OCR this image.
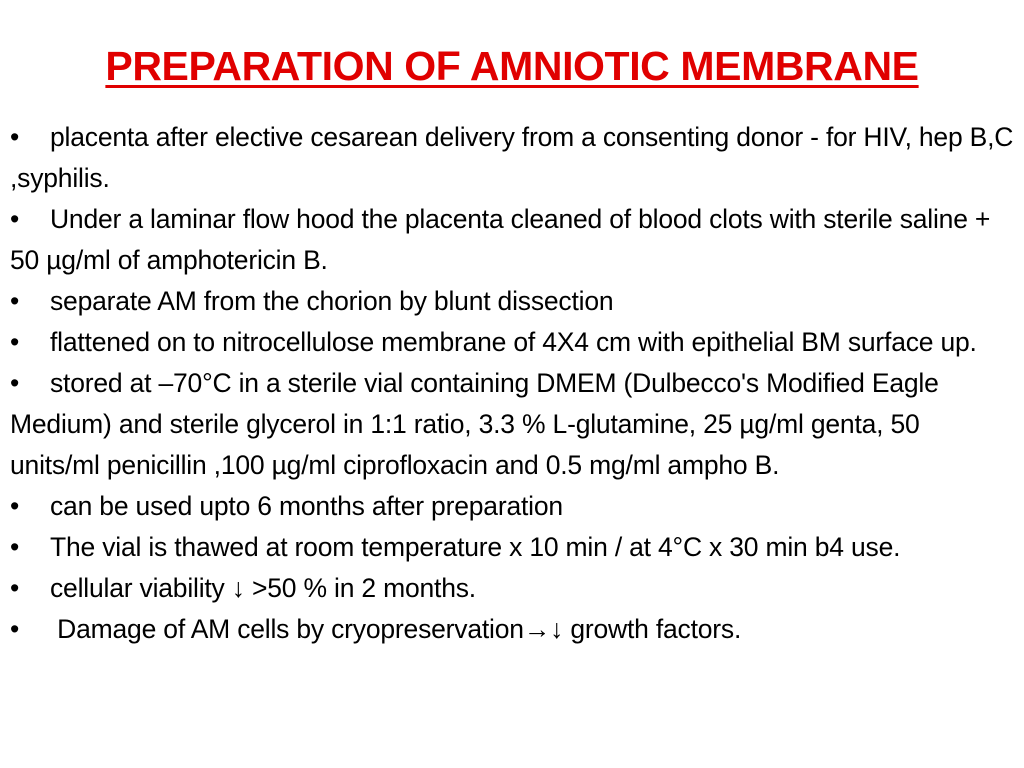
PREPARATION OF AMNIOTIC MEMBRANE
• placenta after elective cesarean delivery from a consenting donor - for HIV, hep B,C ,syphilis.
• Under a laminar flow hood the placenta cleaned of blood clots with sterile saline + 50 µg/ml of amphotericin B.
• separate AM from the chorion by blunt dissection
• flattened on to nitrocellulose membrane of 4X4 cm with epithelial BM surface up.
• stored at –70°C in a sterile vial containing DMEM (Dulbecco's Modified Eagle Medium) and sterile glycerol in 1:1 ratio, 3.3 % L-glutamine, 25 µg/ml genta, 50 units/ml penicillin ,100 µg/ml ciprofloxacin and 0.5 mg/ml ampho B.
• can be used upto 6 months after preparation
• The vial is thawed at room temperature x 10 min / at 4°C x 30 min b4 use.
• cellular viability ↓ >50 % in 2 months.
• Damage of AM cells by cryopreservation→↓ growth factors.
